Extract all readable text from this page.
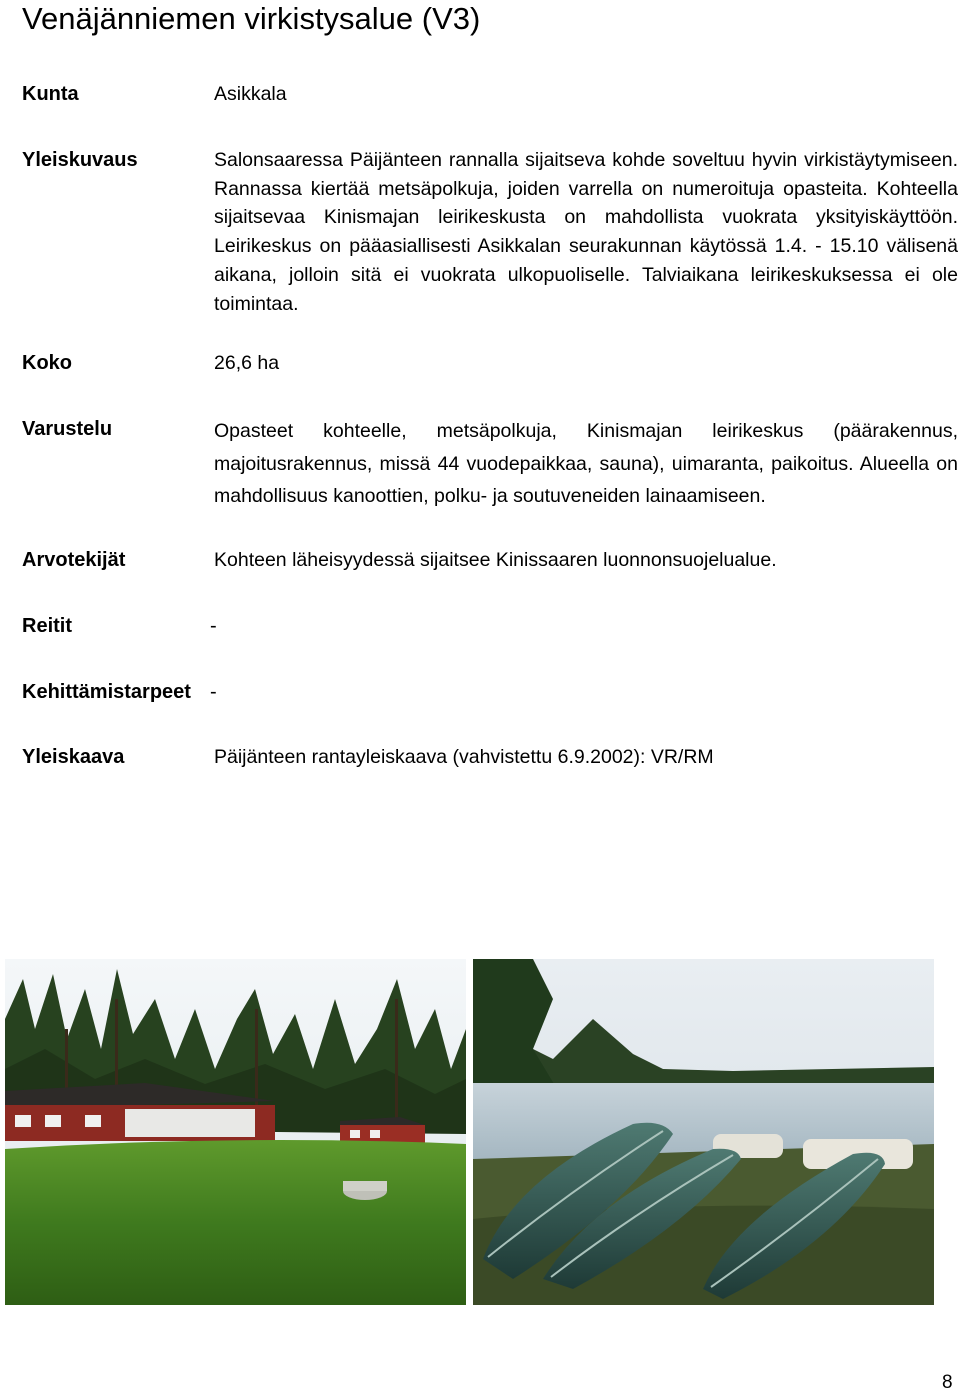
Venäjänniemen virkistysalue (V3)
Kunta	Asikkala
Yleiskuvaus	Salonsaaressa Päijänteen rannalla sijaitseva kohde soveltuu hyvin virkistäytymiseen. Rannassa kiertää metsäpolkuja, joiden varrella on numeroituja opasteita. Kohteella sijaitsevaa Kinismajan leirikeskusta on mahdollista vuokrata yksityiskäyttöön. Leirikeskus on pääasiallisesti Asikkalan seurakunnan käytössä 1.4. - 15.10 välisenä aikana, jolloin sitä ei vuokrata ulkopuoliselle. Talviaikana leirikeskuksessa ei ole toimintaa.
Koko	26,6 ha
Varustelu	Opasteet kohteelle, metsäpolkuja, Kinismajan leirikeskus (päärakennus, majoitusrakennus, missä 44 vuodepaikkaa, sauna), uimaranta, paikoitus. Alueella on mahdollisuus kanoottien, polku- ja soutuveneiden lainaamiseen.
Arvotekijät	Kohteen läheisyydessä sijaitsee Kinissaaren luonnonsuojelualue.
Reitit	-
Kehittämistarpeet -
Yleiskaava	Päijänteen rantayleiskaava (vahvistettu 6.9.2002): VR/RM
8
